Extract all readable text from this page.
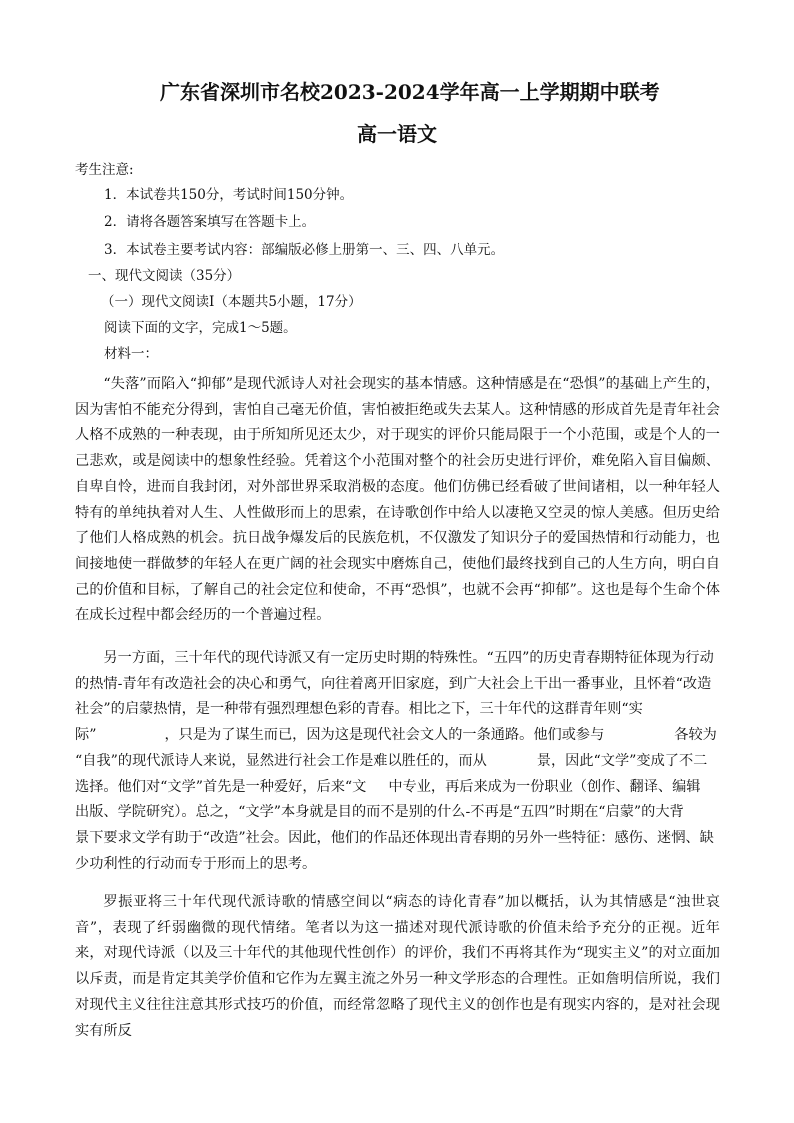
广东省深圳市名校2023-2024学年高一上学期期中联考
高一语文
考生注意:
1．本试卷共150分，考试时间150分钟。
2．请将各题答案填写在答题卡上。
3．本试卷主要考试内容：部编版必修上册第一、三、四、八单元。
一、现代文阅读（35分）
（一）现代文阅读Ⅰ（本题共5小题，17分）
阅读下面的文字，完成1～5题。
材料一：

“失落”而陷入“抑郁”是现代派诗人对社会现实的基本情感。这种情感是在“恐惧”的基础上产生的，因为害怕不能充分得到，害怕自己毫无价值，害怕被拒绝或失去某人。这种情感的形成首先是青年社会人格不成熟的一种表现，由于所知所见还太少，对于现实的评价只能局限于一个小范围，或是个人的一己悲欢，或是阅读中的想象性经验。凭着这个小范围对整个的社会历史进行评价，难免陷入盲目偏颇、自卑自怜，进而自我封闭，对外部世界采取消极的态度。他们仿佛已经看破了世间诸相，以一种年轻人特有的单纯执着对人生、人性做形而上的思索，在诗歌创作中给人以凄艳又空灵的惊人美感。但历史给了他们人格成熟的机会。抗日战争爆发后的民族危机，不仅激发了知识分子的爱国热情和行动能力，也间接地使一群做梦的年轻人在更广阔的社会现实中磨炼自己，使他们最终找到自己的人生方向，明白自己的价值和目标，了解自己的社会定位和使命，不再“恐惧”，也就不会再“抑郁”。这也是每个生命个体在成长过程中都会经历的一个普遍过程。

另一方面，三十年代的现代诗派又有一定历史时期的特殊性。“五四”的历史青春期特征体现为行动
的热情-青年有改造社会的决心和勇气，向往着离开旧家庭，到广大社会上干出一番事业，且怀着“改造
社会”的启蒙热情，是一种带有强烈理想色彩的青春。相比之下，三十年代的这群青年则“实
际”	，只是为了谋生而已，因为这是现代社会文人的一条通路。他们或参与	各较为
“自我”的现代派诗人来说，显然进行社会工作是难以胜任的，而从	景，因此“文学”变成了不二
选择。他们对“文学”首先是一种爱好，后来“文 中专业，再后来成为一份职业（创作、翻译、编辑
出版、学院研究）。总之，“文学”本身就是目的而不是别的什么-不再是“五四”时期在“启蒙”的大背
景下要求文学有助于“改造”社会。因此，他们的作品还体现出青春期的另外一些特征：感伤、迷惘、缺
少功利性的行动而专于形而上的思考。

罗振亚将三十年代现代派诗歌的情感空间以“病态的诗化青春”加以概括，认为其情感是“浊世哀音”，表现了纤弱幽微的现代情绪。笔者以为这一描述对现代派诗歌的价值未给予充分的正视。近年来，对现代诗派（以及三十年代的其他现代性创作）的评价，我们不再将其作为“现实主义”的对立面加以斥责，而是肯定其美学价值和它作为左翼主流之外另一种文学形态的合理性。正如詹明信所说，我们对现代主义往往注意其形式技巧的价值，而经常忽略了现代主义的创作也是有现实内容的，是对社会现实有所反
